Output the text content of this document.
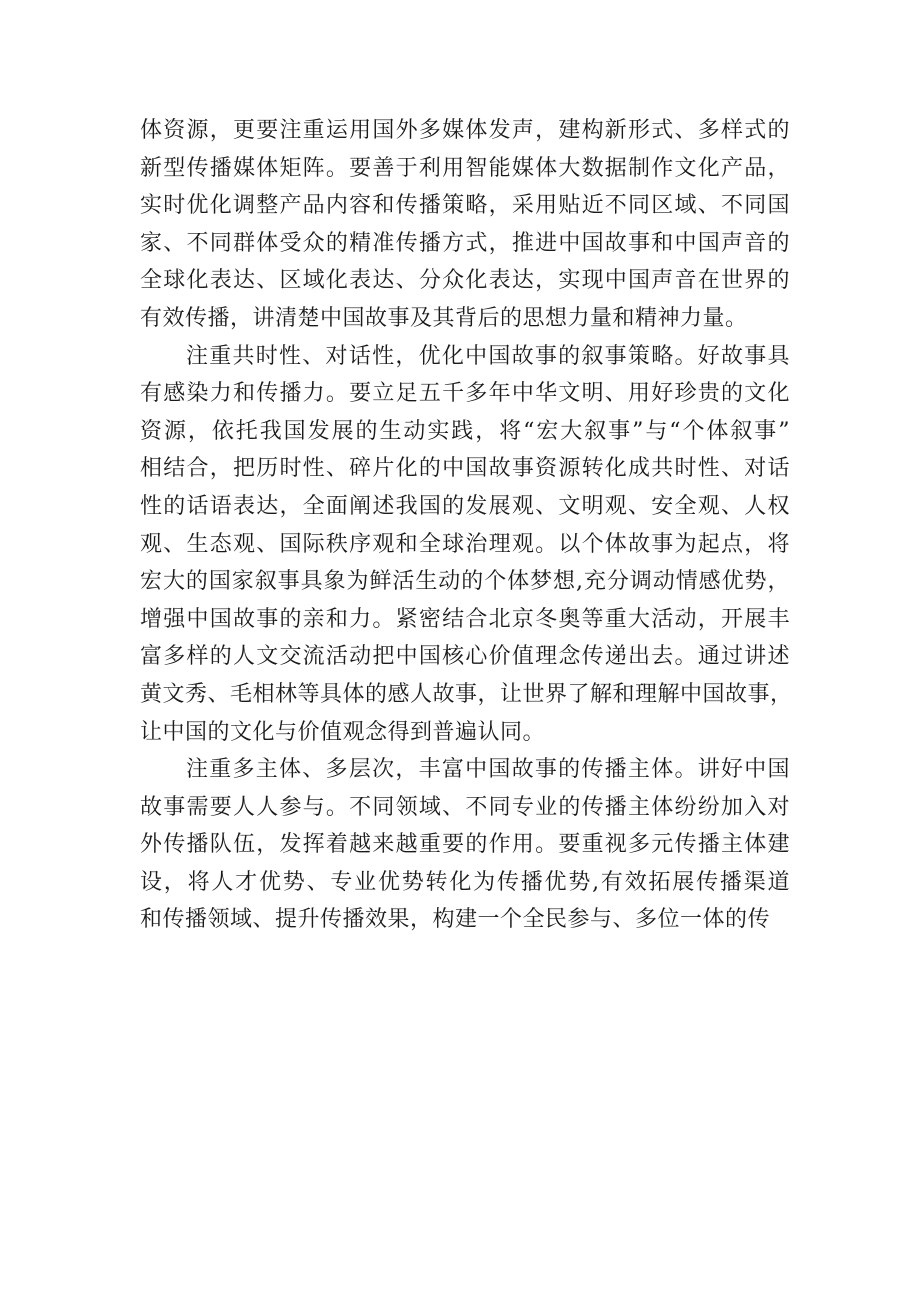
体资源，更要注重运用国外多媒体发声，建构新形式、多样式的
新型传播媒体矩阵。要善于利用智能媒体大数据制作文化产品，
实时优化调整产品内容和传播策略，采用贴近不同区域、不同国
家、不同群体受众的精准传播方式，推进中国故事和中国声音的
全球化表达、区域化表达、分众化表达，实现中国声音在世界的
有效传播，讲清楚中国故事及其背后的思想力量和精神力量。
注重共时性、对话性，优化中国故事的叙事策略。好故事具
有感染力和传播力。要立足五千多年中华文明、用好珍贵的文化
资源，依托我国发展的生动实践，将“宏大叙事”与“个体叙事”
相结合，把历时性、碎片化的中国故事资源转化成共时性、对话
性的话语表达，全面阐述我国的发展观、文明观、安全观、人权
观、生态观、国际秩序观和全球治理观。以个体故事为起点，将
宏大的国家叙事具象为鲜活生动的个体梦想,充分调动情感优势，
增强中国故事的亲和力。紧密结合北京冬奥等重大活动，开展丰
富多样的人文交流活动把中国核心价值理念传递出去。通过讲述
黄文秀、毛相林等具体的感人故事，让世界了解和理解中国故事，
让中国的文化与价值观念得到普遍认同。
注重多主体、多层次，丰富中国故事的传播主体。讲好中国
故事需要人人参与。不同领域、不同专业的传播主体纷纷加入对
外传播队伍，发挥着越来越重要的作用。要重视多元传播主体建
设，将人才优势、专业优势转化为传播优势,有效拓展传播渠道
和传播领域、提升传播效果，构建一个全民参与、多位一体的传
